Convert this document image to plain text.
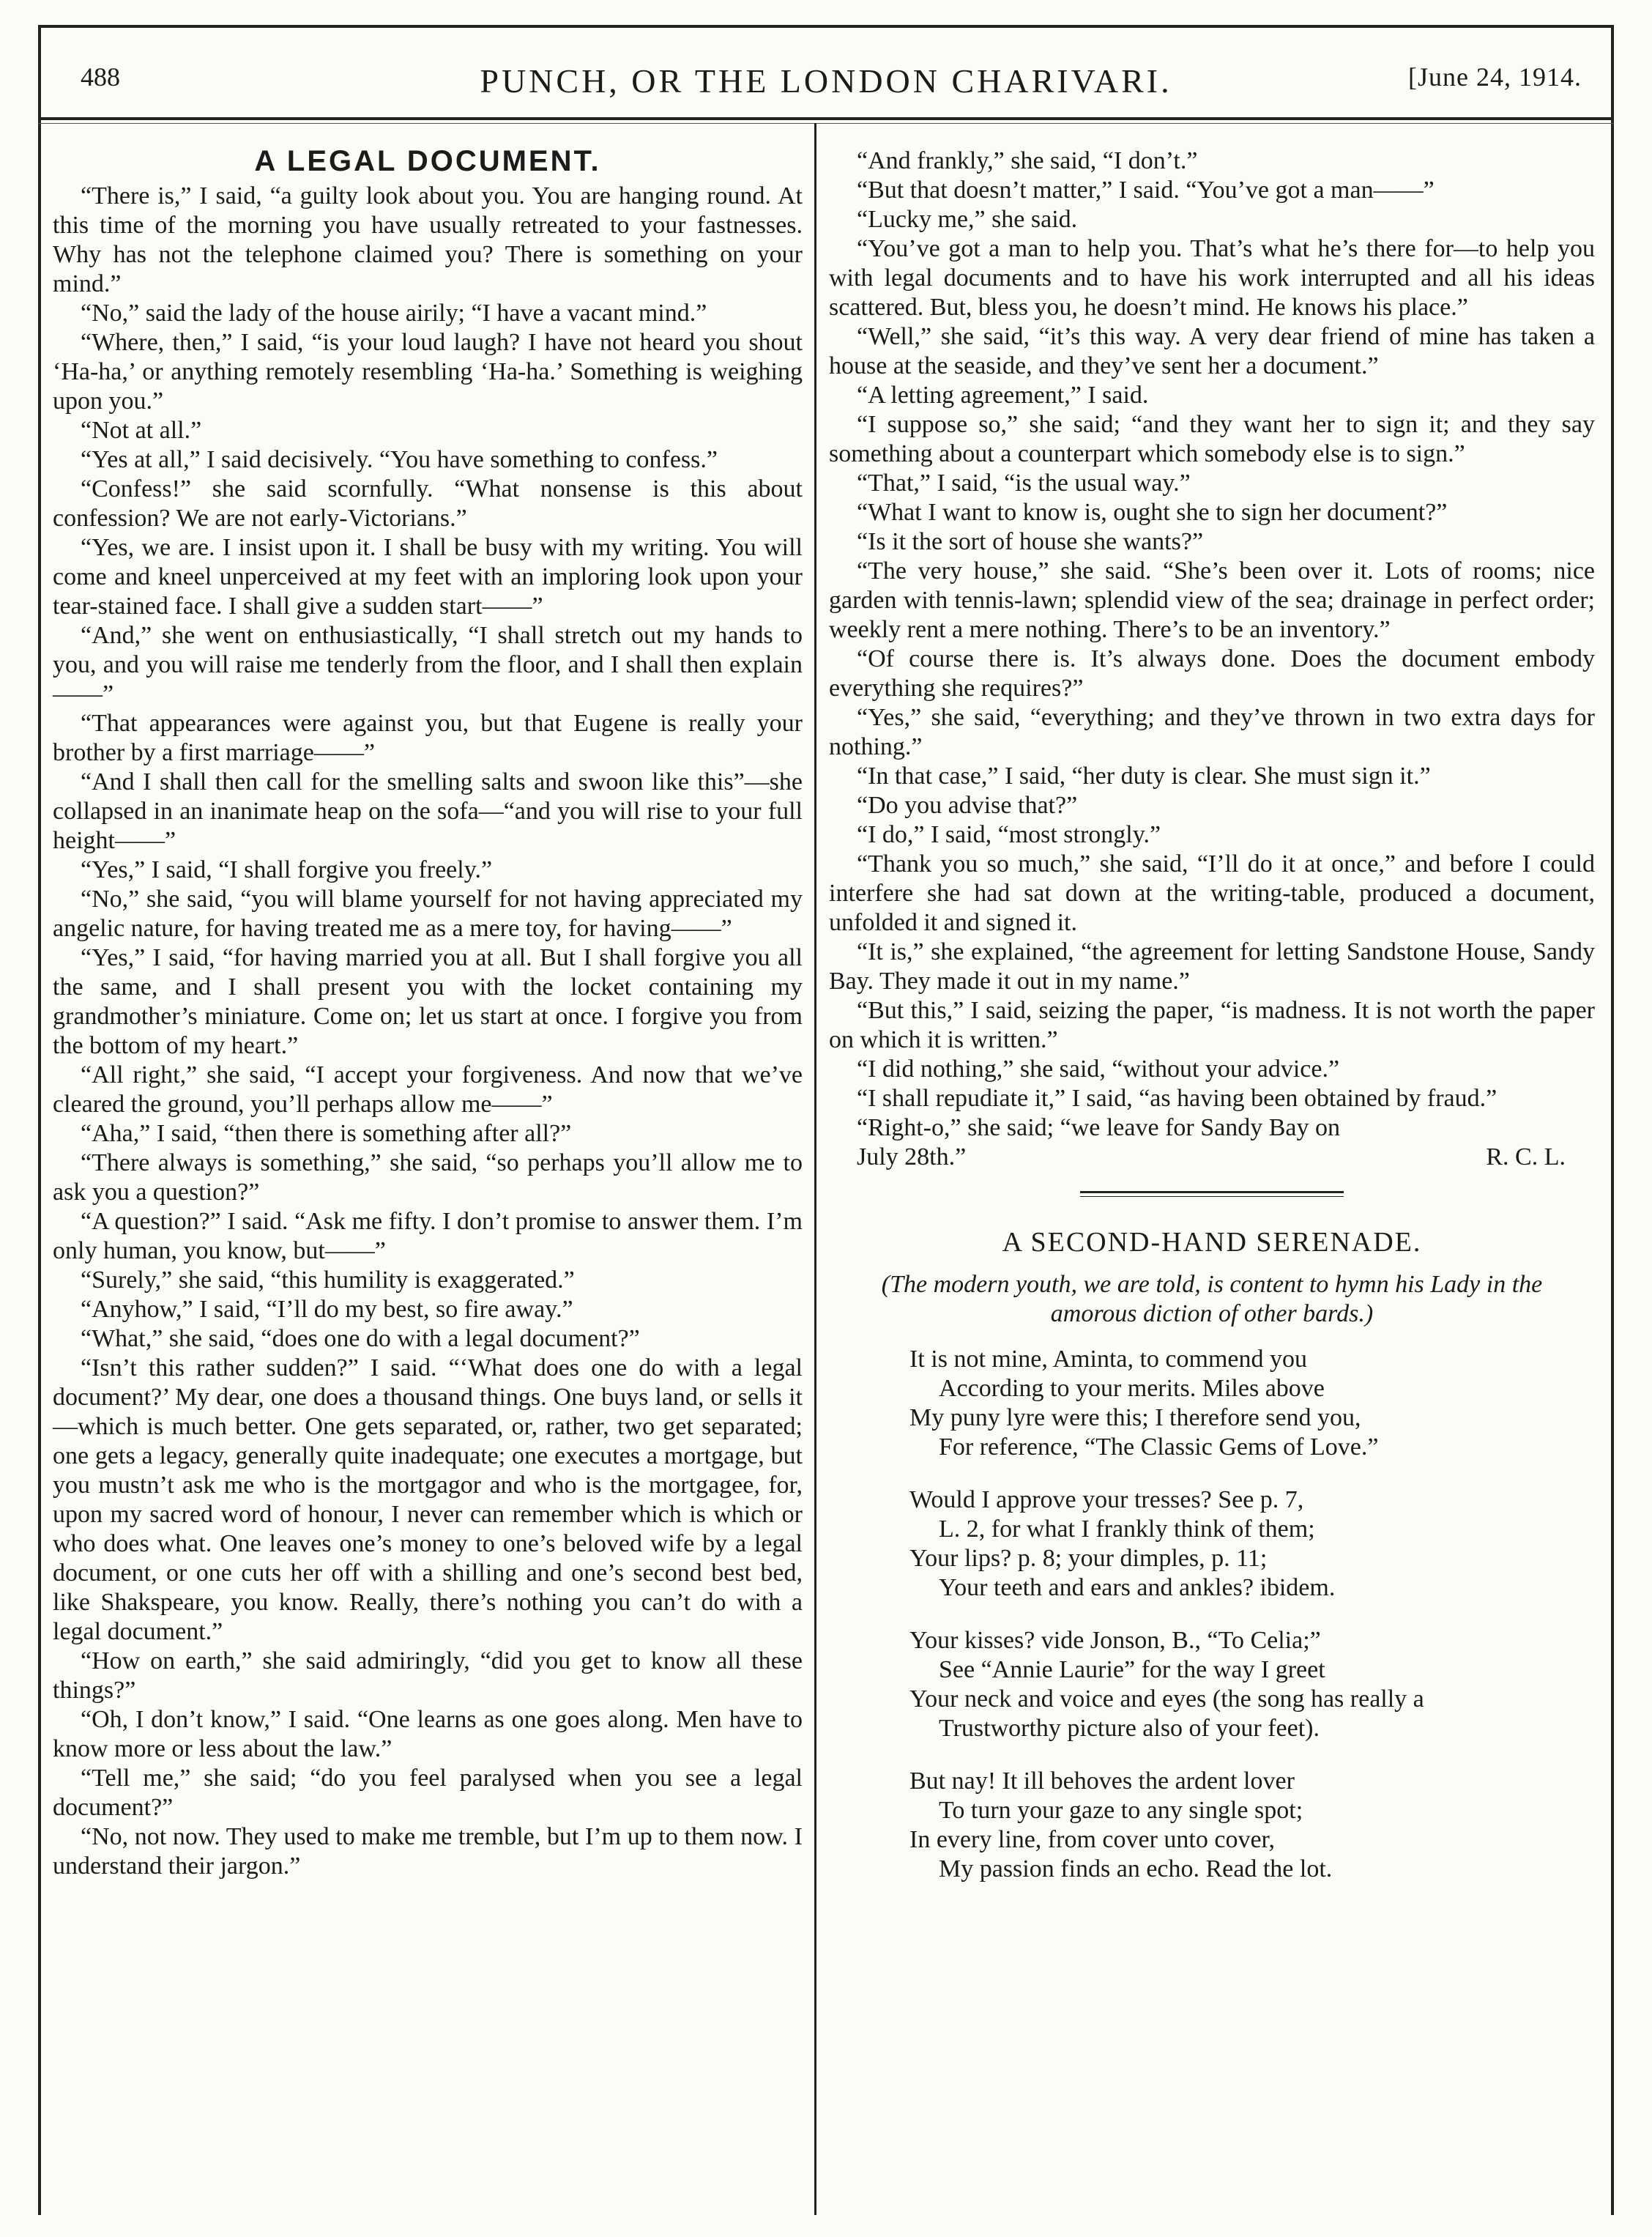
488	PUNCH, OR THE LONDON CHARIVARI.	[June 24, 1914.
A LEGAL DOCUMENT.

“There is,” I said, “a guilty look about you. You are hanging round. At this time of the morning you have usually retreated to your fastnesses. Why has not the telephone claimed you? There is something on your mind.”

“No,” said the lady of the house airily; “I have a vacant mind.”

“Where, then,” I said, “is your loud laugh? I have not heard you shout ‘Ha-ha,’ or anything remotely resembling ‘Ha-ha.’ Something is weighing upon you.”

“Not at all.”

“Yes at all,” I said decisively. “You have something to confess.”

“Confess!” she said scornfully. “What nonsense is this about confession? We are not early-Victorians.”

“Yes, we are. I insist upon it. I shall be busy with my writing. You will come and kneel unperceived at my feet with an imploring look upon your tear-stained face. I shall give a sudden start——”

“And,” she went on enthusiastically, “I shall stretch out my hands to you, and you will raise me tenderly from the floor, and I shall then explain——”

“That appearances were against you, but that Eugene is really your brother by a first marriage——”

“And I shall then call for the smelling salts and swoon like this”—she collapsed in an inanimate heap on the sofa—“and you will rise to your full height——”

“Yes,” I said, “I shall forgive you freely.”

“No,” she said, “you will blame yourself for not having appreciated my angelic nature, for having treated me as a mere toy, for having——”

“Yes,” I said, “for having married you at all. But I shall forgive you all the same, and I shall present you with the locket containing my grandmother’s miniature. Come on; let us start at once. I forgive you from the bottom of my heart.”

“All right,” she said, “I accept your forgiveness. And now that we’ve cleared the ground, you’ll perhaps allow me——”

“Aha,” I said, “then there is something after all?”

“There always is something,” she said, “so perhaps you’ll allow me to ask you a question?”

“A question?” I said. “Ask me fifty. I don’t promise to answer them. I’m only human, you know, but——”

“Surely,” she said, “this humility is exaggerated.”

“Anyhow,” I said, “I’ll do my best, so fire away.”

“What,” she said, “does one do with a legal document?”

“Isn’t this rather sudden?” I said. “‘What does one do with a legal document?’ My dear, one does a thousand things. One buys land, or sells it—which is much better. One gets separated, or, rather, two get separated; one gets a legacy, generally quite inadequate; one executes a mortgage, but you mustn’t ask me who is the mortgagor and who is the mortgagee, for, upon my sacred word of honour, I never can remember which is which or who does what. One leaves one’s money to one’s beloved wife by a legal document, or one cuts her off with a shilling and one’s second best bed, like Shakspeare, you know. Really, there’s nothing you can’t do with a legal document.”

“How on earth,” she said admiringly, “did you get to know all these things?”

“Oh, I don’t know,” I said. “One learns as one goes along. Men have to know more or less about the law.”

“Tell me,” she said; “do you feel paralysed when you see a legal document?”

“No, not now. They used to make me tremble, but I’m up to them now. I understand their jargon.”

“And frankly,” she said, “I don’t.”

“But that doesn’t matter,” I said. “You’ve got a man——”

“Lucky me,” she said.

“You’ve got a man to help you. That’s what he’s there for—to help you with legal documents and to have his work interrupted and all his ideas scattered. But, bless you, he doesn’t mind. He knows his place.”

“Well,” she said, “it’s this way. A very dear friend of mine has taken a house at the seaside, and they’ve sent her a document.”

“A letting agreement,” I said.

“I suppose so,” she said; “and they want her to sign it; and they say something about a counterpart which somebody else is to sign.”

“That,” I said, “is the usual way.”

“What I want to know is, ought she to sign her document?”

“Is it the sort of house she wants?”

“The very house,” she said. “She’s been over it. Lots of rooms; nice garden with tennis-lawn; splendid view of the sea; drainage in perfect order; weekly rent a mere nothing. There’s to be an inventory.”

“Of course there is. It’s always done. Does the document embody everything she requires?”

“Yes,” she said, “everything; and they’ve thrown in two extra days for nothing.”

“In that case,” I said, “her duty is clear. She must sign it.”

“Do you advise that?”

“I do,” I said, “most strongly.”

“Thank you so much,” she said, “I’ll do it at once,” and before I could interfere she had sat down at the writing-table, produced a document, unfolded it and signed it.

“It is,” she explained, “the agreement for letting Sandstone House, Sandy Bay. They made it out in my name.”

“But this,” I said, seizing the paper, “is madness. It is not worth the paper on which it is written.”

“I did nothing,” she said, “without your advice.”

“I shall repudiate it,” I said, “as having been obtained by fraud.”

“Right-o,” she said; “we leave for Sandy Bay on

July 28th.”	R. C. L.

A SECOND-HAND SERENADE.
(The modern youth, we are told, is content to hymn his Lady in the amorous diction of other bards.)
It is not mine, Aminta, to commend you
According to your merits. Miles above
My puny lyre were this; I therefore send you,
For reference, “The Classic Gems of Love.”
Would I approve your tresses? See p. 7,
L. 2, for what I frankly think of them;
Your lips? p. 8; your dimples, p. 11;
Your teeth and ears and ankles? ibidem.
Your kisses? vide Jonson, B., “To Celia;”
See “Annie Laurie” for the way I greet
Your neck and voice and eyes (the song has really a
Trustworthy picture also of your feet).
But nay! It ill behoves the ardent lover
To turn your gaze to any single spot;
In every line, from cover unto cover,
My passion finds an echo. Read the lot.
